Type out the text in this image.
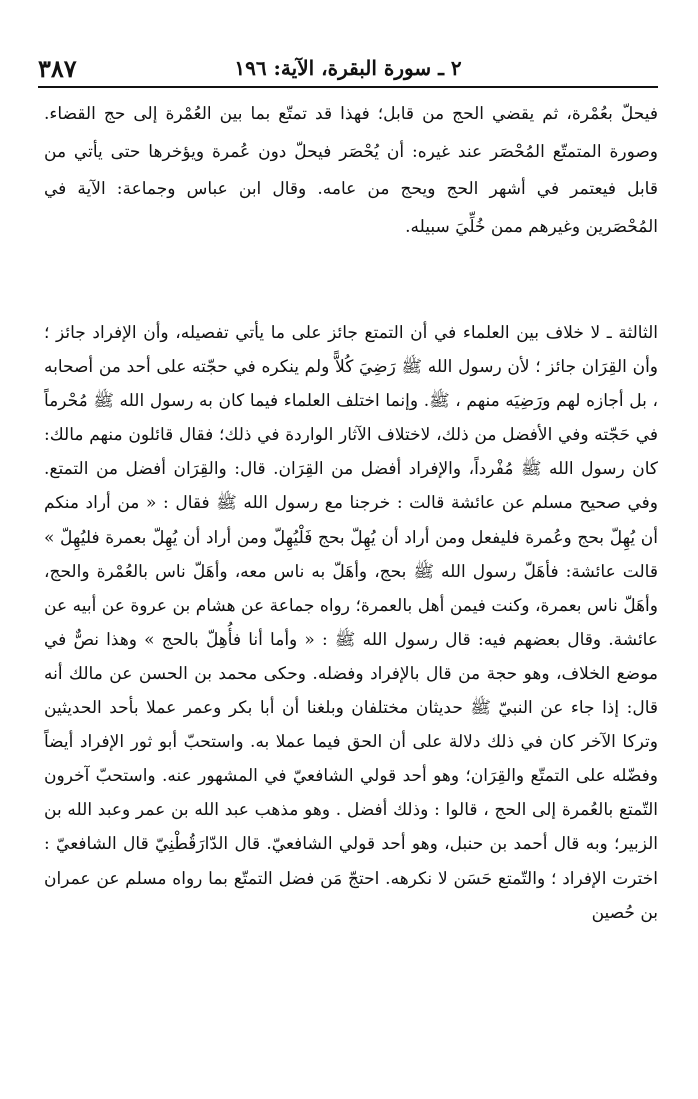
٢ ـ سورة البقرة، الآية: ١٩٦
٣٨٧

فيحلّ بعُمْرة، ثم يقضي الحج من قابل؛ فهذا قد تمتّع بما بين العُمْرة إلى حج القضاء. وصورة المتمتّع المُحْصَر عند غيره: أن يُحْصَر فيحلّ دون عُمرة ويؤخرها حتى يأتي من قابل فيعتمر في أشهر الحج ويحج من عامه. وقال ابن عباس وجماعة: الآية في المُحْصَرين وغيرهم ممن خُلِّيَ سبيله.

الثالثة ـ لا خلاف بين العلماء في أن التمتع جائز على ما يأتي تفصيله، وأن الإفراد جائز ؛ وأن القِرَان جائز ؛ لأن رسول الله ﷺ رَضِيَ كُلاًّ ولم ينكره في حجّته على أحد من أصحابه ، بل أجازه لهم ورَضِيَه منهم ، ﷺ. وإنما اختلف العلماء فيما كان به رسول الله ﷺ مُحْرماً في حَجّته وفي الأفضل من ذلك، لاختلاف الآثار الواردة في ذلك؛ فقال قائلون منهم مالك: كان رسول الله ﷺ مُفْرداً، والإفراد أفضل من القِرَان. قال: والقِرَان أفضل من التمتع. وفي صحيح مسلم عن عائشة قالت : خرجنا مع رسول الله ﷺ فقال : « من أراد منكم أن يُهِلّ بحج وعُمرة فليفعل ومن أراد أن يُهِلّ بحج فَلْيُهِلّ ومن أراد أن يُهِلّ بعمرة فليُهِلّ » قالت عائشة: فأهَلّ رسول الله ﷺ بحج، وأهَلّ به ناس معه، وأهَلّ ناس بالعُمْرة والحج، وأهَلّ ناس بعمرة، وكنت فيمن أهل بالعمرة؛ رواه جماعة عن هشام بن عروة عن أبيه عن عائشة. وقال بعضهم فيه: قال رسول الله ﷺ : « وأما أنا فأُهِلّ بالحج » وهذا نصٌّ في موضع الخلاف، وهو حجة من قال بالإفراد وفضله. وحكى محمد بن الحسن عن مالك أنه قال: إذا جاء عن النبيّ ﷺ حديثان مختلفان وبلغنا أن أبا بكر وعمر عملا بأحد الحديثين وتركا الآخر كان في ذلك دلالة على أن الحق فيما عملا به. واستحبّ أبو ثور الإفراد أيضاً وفضّله على التمتّع والقِرَان؛ وهو أحد قولي الشافعيّ في المشهور عنه. واستحبّ آخرون التّمتع بالعُمرة إلى الحج ، قالوا : وذلك أفضل . وهو مذهب عبد الله بن عمر وعبد الله بن الزبير؛ وبه قال أحمد بن حنبل، وهو أحد قولي الشافعيّ. قال الدّارَقُطْنِيّ قال الشافعيّ : اخترت الإفراد ؛ والتّمتع حَسَن لا نكرهه. احتجّ مَن فضل التمتّع بما رواه مسلم عن عمران بن حُصين
